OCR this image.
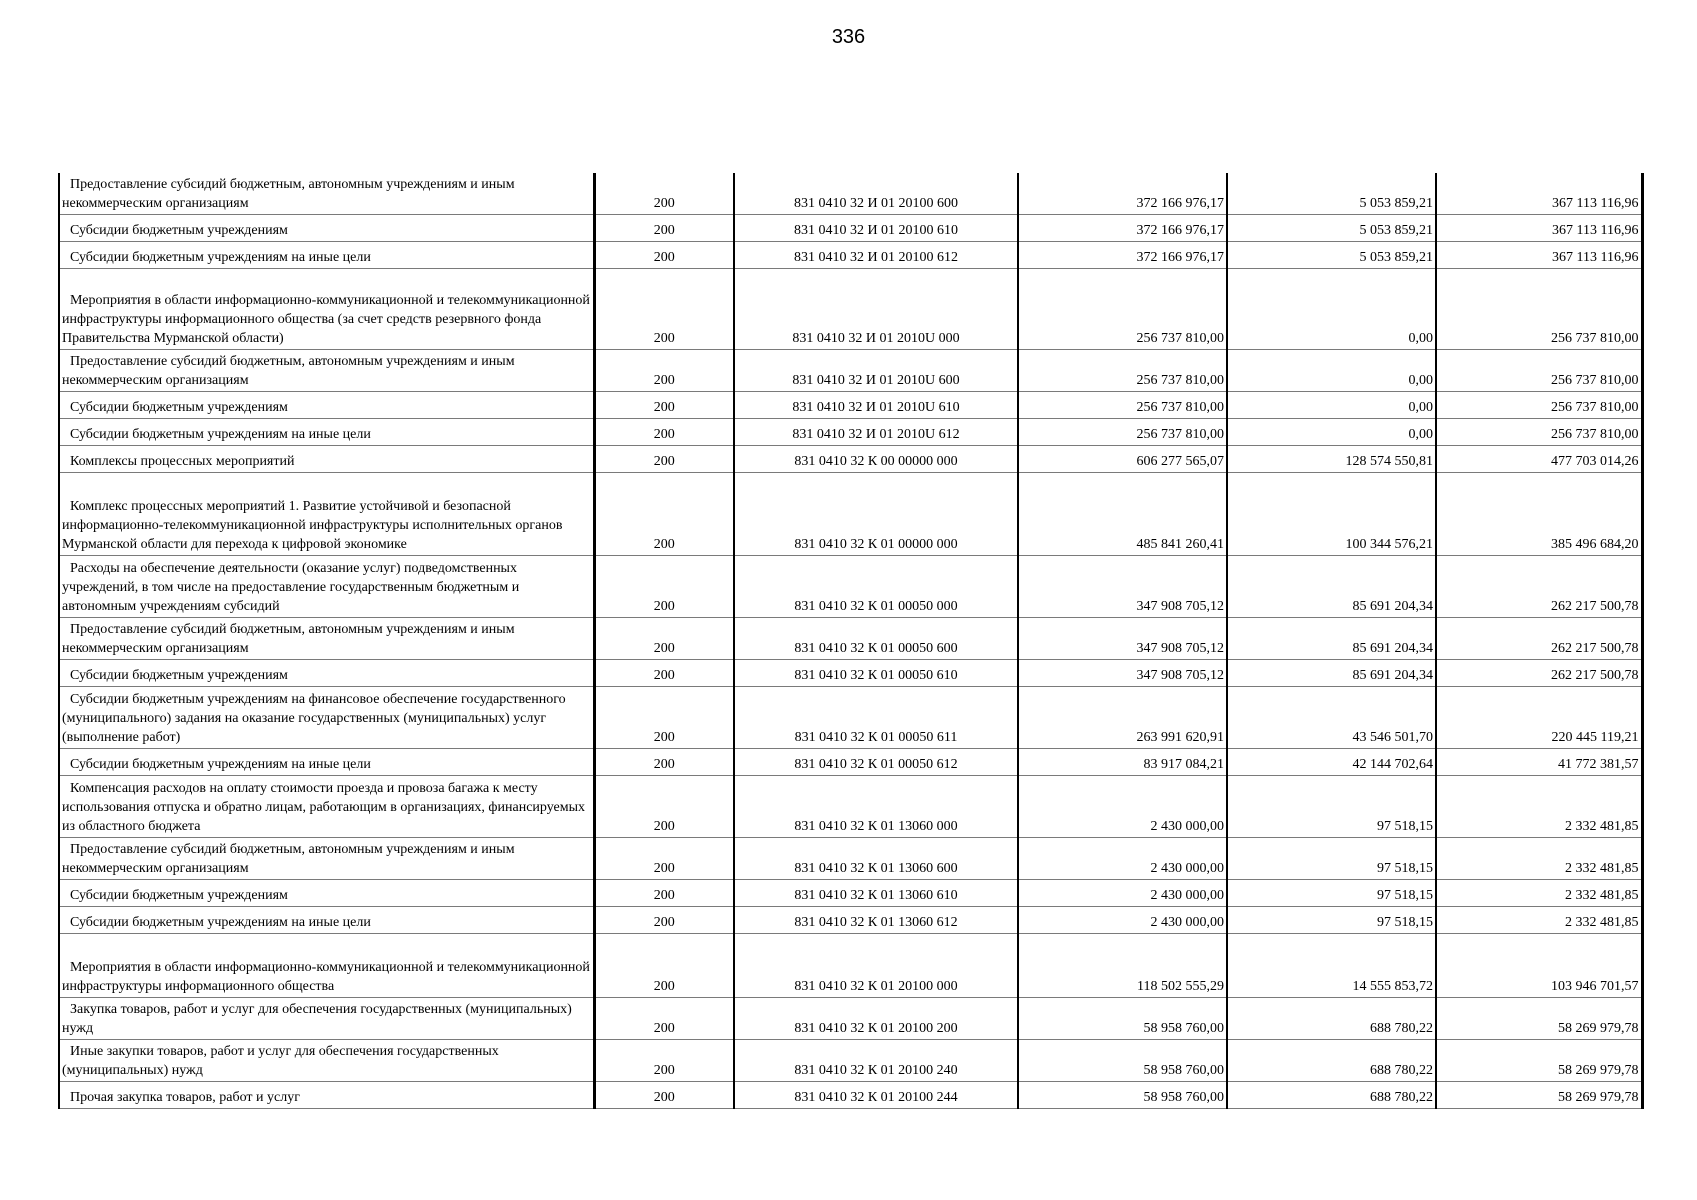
336
Предоставление субсидий бюджетным, автономным учреждениям и иным некоммерческим организациям	200	831 0410 32 И 01 20100 600	372 166 976,17	5 053 859,21	367 113 116,96

Субсидии бюджетным учреждениям	200	831 0410 32 И 01 20100 610	372 166 976,17	5 053 859,21	367 113 116,96

Субсидии бюджетным учреждениям на иные цели	200	831 0410 32 И 01 20100 612	372 166 976,17	5 053 859,21	367 113 116,96

Мероприятия в области информационно-коммуникационной и телекоммуникационной инфраструктуры информационного общества (за счет средств резервного фонда Правительства Мурманской области)	200	831 0410 32 И 01 2010U 000	256 737 810,00	0,00	256 737 810,00

Предоставление субсидий бюджетным, автономным учреждениям и иным некоммерческим организациям	200	831 0410 32 И 01 2010U 600	256 737 810,00	0,00	256 737 810,00

Субсидии бюджетным учреждениям	200	831 0410 32 И 01 2010U 610	256 737 810,00	0,00	256 737 810,00

Субсидии бюджетным учреждениям на иные цели	200	831 0410 32 И 01 2010U 612	256 737 810,00	0,00	256 737 810,00

Комплексы процессных мероприятий	200	831 0410 32 К 00 00000 000	606 277 565,07	128 574 550,81	477 703 014,26

Комплекс процессных мероприятий 1. Развитие устойчивой и безопасной информационно-телекоммуникационной инфраструктуры исполнительных органов Мурманской области для перехода к цифровой экономике	200	831 0410 32 К 01 00000 000	485 841 260,41	100 344 576,21	385 496 684,20

Расходы на обеспечение деятельности (оказание услуг) подведомственных учреждений, в том числе на предоставление государственным бюджетным и автономным учреждениям субсидий	200	831 0410 32 К 01 00050 000	347 908 705,12	85 691 204,34	262 217 500,78

Предоставление субсидий бюджетным, автономным учреждениям и иным некоммерческим организациям	200	831 0410 32 К 01 00050 600	347 908 705,12	85 691 204,34	262 217 500,78

Субсидии бюджетным учреждениям	200	831 0410 32 К 01 00050 610	347 908 705,12	85 691 204,34	262 217 500,78

Субсидии бюджетным учреждениям на финансовое обеспечение государственного (муниципального) задания на оказание государственных (муниципальных) услуг (выполнение работ)	200	831 0410 32 К 01 00050 611	263 991 620,91	43 546 501,70	220 445 119,21

Субсидии бюджетным учреждениям на иные цели	200	831 0410 32 К 01 00050 612	83 917 084,21	42 144 702,64	41 772 381,57

Компенсация расходов на оплату стоимости проезда и провоза багажа к месту использования отпуска и обратно лицам, работающим в организациях, финансируемых из областного бюджета	200	831 0410 32 К 01 13060 000	2 430 000,00	97 518,15	2 332 481,85

Предоставление субсидий бюджетным, автономным учреждениям и иным некоммерческим организациям	200	831 0410 32 К 01 13060 600	2 430 000,00	97 518,15	2 332 481,85

Субсидии бюджетным учреждениям	200	831 0410 32 К 01 13060 610	2 430 000,00	97 518,15	2 332 481,85

Субсидии бюджетным учреждениям на иные цели	200	831 0410 32 К 01 13060 612	2 430 000,00	97 518,15	2 332 481,85

Мероприятия в области информационно-коммуникационной и телекоммуникационной инфраструктуры информационного общества	200	831 0410 32 К 01 20100 000	118 502 555,29	14 555 853,72	103 946 701,57

Закупка товаров, работ и услуг для обеспечения государственных (муниципальных) нужд	200	831 0410 32 К 01 20100 200	58 958 760,00	688 780,22	58 269 979,78

Иные закупки товаров, работ и услуг для обеспечения государственных (муниципальных) нужд	200	831 0410 32 К 01 20100 240	58 958 760,00	688 780,22	58 269 979,78

Прочая закупка товаров, работ и услуг	200	831 0410 32 К 01 20100 244	58 958 760,00	688 780,22	58 269 979,78
